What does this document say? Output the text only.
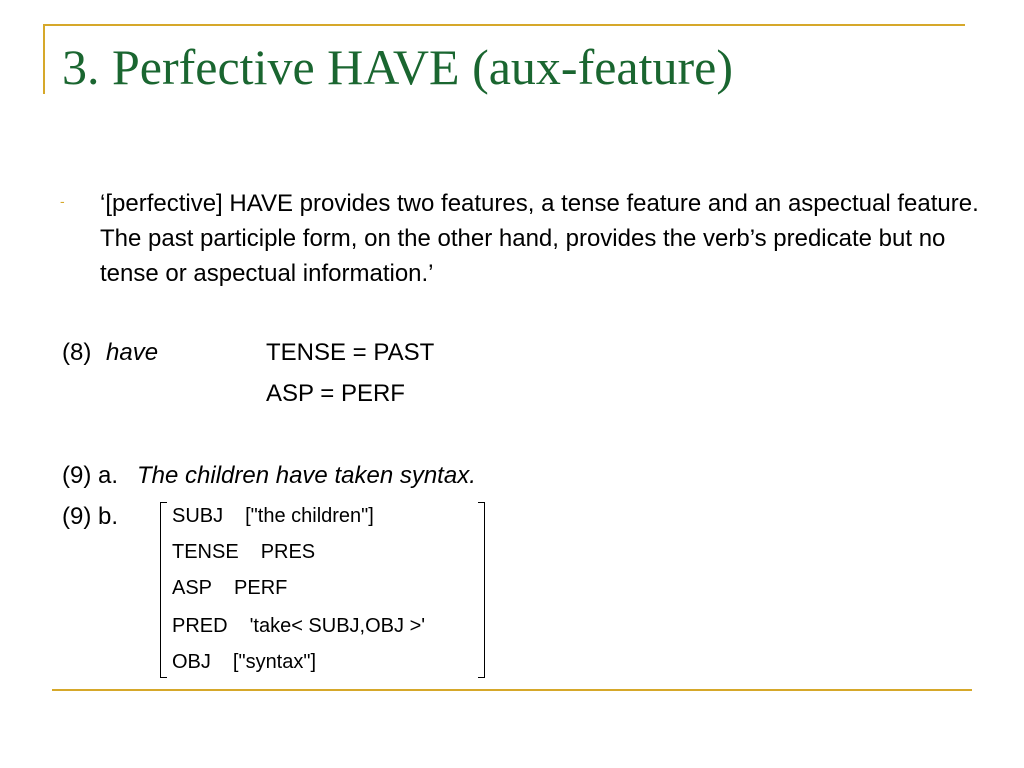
3. Perfective HAVE (aux-feature)
- ‘[perfective] HAVE provides two features, a tense feature and an aspectual feature. The past participle form, on the other hand, provides the verb’s predicate but no tense or aspectual information.’

(8) have	TENSE = PAST
ASP = PERF
(9) a. The children have taken syntax.
(9) b.	SUBJ ["the children"]
TENSE PRES
ASP PERF
PRED 'take< SUBJ,OBJ >'
OBJ ["syntax"]
